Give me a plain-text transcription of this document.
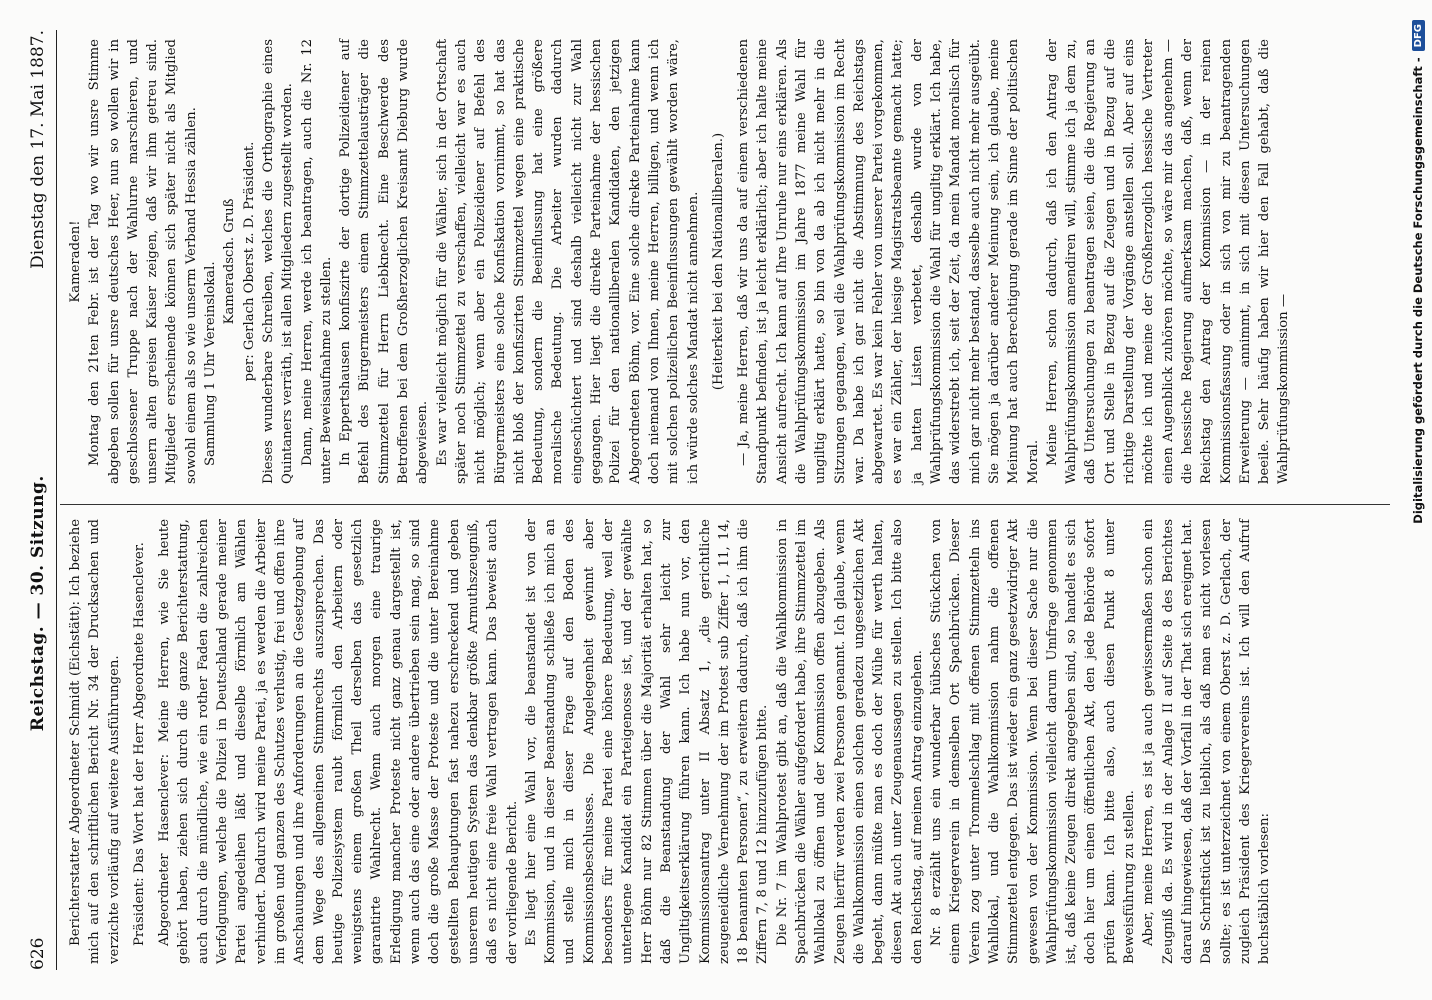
626
Reichstag. — 30. Sitzung.
Dienstag den 17. Mai 1887.

Berichterstatter Abgeordneter Schmidt (Eichstätt): Ich beziehe mich auf den schriftlichen Bericht Nr. 34 der Drucksachen und verzichte vorläufig auf weitere Ausführungen. Präsident: Das Wort hat der Herr Abgeordnete Hasenclever. Abgeordneter Hasenclever: Meine Herren, wie Sie heute gehört haben, ziehen sich durch die ganze Berichterstattung, auch durch die mündliche, wie ein rother Faden die zahlreichen Verfolgungen, welche die Polizei in Deutschland gerade meiner Partei angedeihen läßt und dieselbe förmlich am Wählen verhindert. Dadurch wird meine Partei, ja es werden die Arbeiter im großen und ganzen des Schutzes verlustig, frei und offen ihre Anschauungen und ihre Anforderungen an die Gesetzgebung auf dem Wege des allgemeinen Stimmrechts auszusprechen. Das heutige Polizeisystem raubt förmlich den Arbeitern oder wenigstens einem großen Theil derselben das gesetzlich garantirte Wahlrecht. Wenn auch morgen eine traurige Erledigung mancher Proteste nicht ganz genau dargestellt ist, wenn auch das eine oder andere übertrieben sein mag, so sind doch die große Masse der Proteste und die unter Bereinahme gestellten Behauptungen fast nahezu erschreckend und geben unserem heutigen System das denkbar größte Armuthszeugniß, daß es nicht eine freie Wahl vertragen kann. Das beweist auch der vorliegende Bericht. Es liegt hier eine Wahl vor, die beanstandet ist von der Kommission, und in dieser Beanstandung schließe ich mich an und stelle mich in dieser Frage auf den Boden des Kommissionsbeschlusses. Die Angelegenheit gewinnt aber besonders für meine Partei eine höhere Bedeutung, weil der unterlegene Kandidat ein Parteigenosse ist, und der gewählte Herr Böhm nur 82 Stimmen über die Majorität erhalten hat, so daß die Beanstandung der Wahl sehr leicht zur Ungiltigkeitserklärung führen kann. Ich habe nun vor, den Kommissionsantrag unter II Absatz 1, „die gerichtliche zeugeneidliche Vernehmung der im Protest sub Ziffer 1, 11, 14, 18 benannten Personen“, zu erweitern dadurch, daß ich ihm die Ziffern 7, 8 und 12 hinzuzufügen bitte. Die Nr. 7 im Wahlprotest gibt an, daß die Wahlkommission in Spachbrücken die Wähler aufgefordert habe, ihre Stimmzettel im Wahllokal zu öffnen und der Kommission offen abzugeben. Als Zeugen hierfür werden zwei Personen genannt. Ich glaube, wenn die Wahlkommission einen solchen geradezu ungesetzlichen Akt begeht, dann müßte man es doch der Mühe für werth halten, diesen Akt auch unter Zeugenaussagen zu stellen. Ich bitte also den Reichstag, auf meinen Antrag einzugehen. Nr. 8 erzählt uns ein wunderbar hübsches Stückchen von einem Kriegerverein in demselben Ort Spachbrücken. Dieser Verein zog unter Trommelschlag mit offenen Stimmzetteln ins Wahllokal, und die Wahlkommission nahm die offenen Stimmzettel entgegen. Das ist wieder ein ganz gesetzwidriger Akt gewesen von der Kommission. Wenn bei dieser Sache nur die Wahlprüfungskommission vielleicht darum Umfrage genommen ist, daß keine Zeugen direkt angegeben sind, so handelt es sich doch hier um einen öffentlichen Akt, den jede Behörde sofort prüfen kann. Ich bitte also, auch diesen Punkt 8 unter Beweisführung zu stellen. Aber, meine Herren, es ist ja auch gewissermaßen schon ein Zeugniß da. Es wird in der Anlage II auf Seite 8 des Berichtes darauf hingewiesen, daß der Vorfall in der That sich ereignet hat. Das Schriftstück ist zu lieblich, als daß man es nicht vorlesen sollte; es ist unterzeichnet von einem Oberst z. D. Gerlach, der zugleich Präsident des Kriegervereins ist. Ich will den Aufruf buchstäblich vorlesen:

Kameraden! Montag den 21ten Febr. ist der Tag wo wir unsre Stimme abgeben sollen für unsre deutsches Heer, nun so wollen wir in geschlossener Truppe nach der Wahlurne marschieren, und unsern alten greisen Kaiser zeigen, daß wir ihm getreu sind. Mitglieder erscheinende können sich später nicht als Mitglied sowohl einem als so wie unserm Verband Hessia zählen. Sammlung 1 Uhr Vereinslokal. Kameradsch. Gruß per: Gerlach Oberst z. D. Präsident. Dieses wunderbare Schreiben, welches die Orthographie eines Quintaners verräth, ist allen Mitgliedern zugestellt worden. Dann, meine Herren, werde ich beantragen, auch die Nr. 12 unter Beweisaufnahme zu stellen. In Eppertshausen konfiszirte der dortige Polizeidiener auf Befehl des Bürgermeisters einem Stimmzettelausträger die Stimmzettel für Herrn Liebknecht. Eine Beschwerde des Betroffenen bei dem Großherzoglichen Kreisamt Dieburg wurde abgewiesen. Es war vielleicht möglich für die Wähler, sich in der Ortschaft später noch Stimmzettel zu verschaffen, vielleicht war es auch nicht möglich; wenn aber ein Polizeidiener auf Befehl des Bürgermeisters eine solche Konfiskation vornimmt, so hat das nicht bloß der konfiszirten Stimmzettel wegen eine praktische Bedeutung, sondern die Beeinflussung hat eine größere moralische Bedeutung. Die Arbeiter wurden dadurch eingeschüchtert und sind deshalb vielleicht nicht zur Wahl gegangen. Hier liegt die direkte Parteinahme der hessischen Polizei für den nationalliberalen Kandidaten, den jetzigen Abgeordneten Böhm, vor. Eine solche direkte Parteinahme kann doch niemand von Ihnen, meine Herren, billigen, und wenn ich mit solchen polizeilichen Beeinflussungen gewählt worden wäre, ich würde solches Mandat nicht annehmen. (Heiterkeit bei den Nationalliberalen.) — Ja, meine Herren, daß wir uns da auf einem verschiedenen Standpunkt befinden, ist ja leicht erklärlich; aber ich halte meine Ansicht aufrecht. Ich kann auf Ihre Unruhe nur eins erklären. Als die Wahlprüfungskommission im Jahre 1877 meine Wahl für ungiltig erklärt hatte, so bin von da ab ich nicht mehr in die Sitzungen gegangen, weil die Wahlprüfungskommission im Recht war. Da habe ich gar nicht die Abstimmung des Reichstags abgewartet. Es war kein Fehler von unserer Partei vorgekommen, es war ein Zähler, der hiesige Magistratsbeamte gemacht hatte; ja hatten Listen verbetet, deshalb wurde von der Wahlprüfungskommission die Wahl für ungiltig erklärt. Ich habe, das widerstrebt ich, seit der Zeit, da mein Mandat moralisch für mich gar nicht mehr bestand, dasselbe auch nicht mehr ausgeübt. Sie mögen ja darüber anderer Meinung sein, ich glaube, meine Meinung hat auch Berechtigung gerade im Sinne der politischen Moral. Meine Herren, schon dadurch, daß ich den Antrag der Wahlprüfungskommission amendiren will, stimme ich ja dem zu, daß Untersuchungen zu beantragen seien, die die Regierung an Ort und Stelle in Bezug auf die Zeugen und in Bezug auf die richtige Darstellung der Vorgänge anstellen soll. Aber auf eins möchte ich und meine der Großherzoglich hessische Vertreter einen Augenblick zuhören möchte, so wäre mir das angenehm — die hessische Regierung aufmerksam machen, daß, wenn der Reichstag den Antrag der Kommission — in der reinen Kommissionsfassung oder in sich von mir zu beantragenden Erweiterung — annimmt, in sich mit diesen Untersuchungen beeile. Sehr häufig haben wir hier den Fall gehabt, daß die Wahlprüfungskommission —	Digitalisierung gefördert durch die Deutsche Forschungsgemeinschaft -
DFG
